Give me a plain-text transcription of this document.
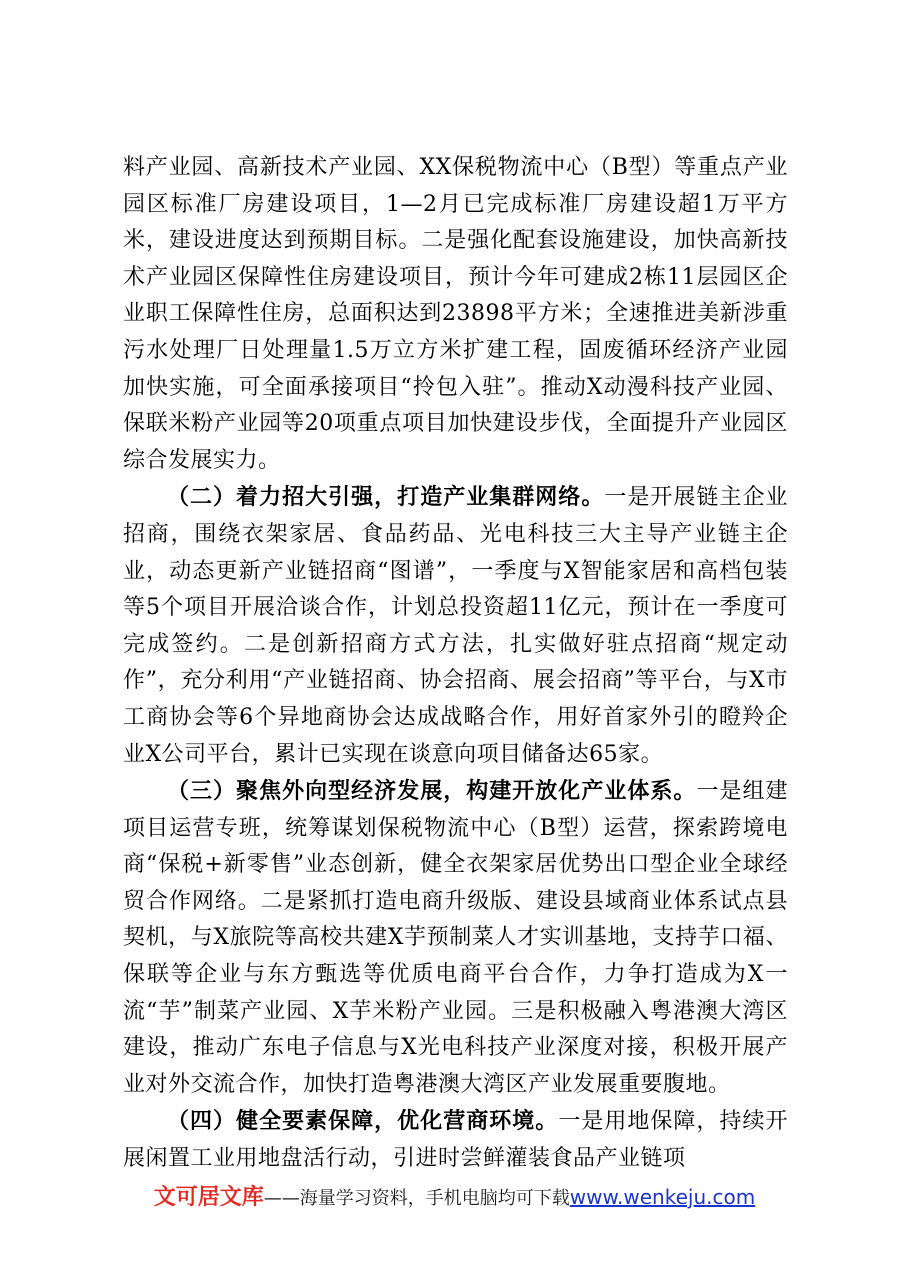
料产业园、高新技术产业园、XX保税物流中心（B型）等重点产业园区标准厂房建设项目，1—2月已完成标准厂房建设超1万平方米，建设进度达到预期目标。二是强化配套设施建设，加快高新技术产业园区保障性住房建设项目，预计今年可建成2栋11层园区企业职工保障性住房，总面积达到23898平方米；全速推进美新涉重污水处理厂日处理量1.5万立方米扩建工程，固废循环经济产业园加快实施，可全面承接项目“拎包入驻”。推动X动漫科技产业园、保联米粉产业园等20项重点项目加快建设步伐，全面提升产业园区综合发展实力。

（二）着力招大引强，打造产业集群网络。一是开展链主企业招商，围绕衣架家居、食品药品、光电科技三大主导产业链主企业，动态更新产业链招商“图谱”，一季度与X智能家居和高档包装等5个项目开展洽谈合作，计划总投资超11亿元，预计在一季度可完成签约。二是创新招商方式方法，扎实做好驻点招商“规定动作”，充分利用“产业链招商、协会招商、展会招商”等平台，与X市工商协会等6个异地商协会达成战略合作，用好首家外引的瞪羚企业X公司平台，累计已实现在谈意向项目储备达65家。

（三）聚焦外向型经济发展，构建开放化产业体系。一是组建项目运营专班，统筹谋划保税物流中心（B型）运营，探索跨境电商“保税+新零售”业态创新，健全衣架家居优势出口型企业全球经贸合作网络。二是紧抓打造电商升级版、建设县域商业体系试点县契机，与X旅院等高校共建X芋预制菜人才实训基地，支持芋口福、保联等企业与东方甄选等优质电商平台合作，力争打造成为X一流“芋”制菜产业园、X芋米粉产业园。三是积极融入粤港澳大湾区建设，推动广东电子信息与X光电科技产业深度对接，积极开展产业对外交流合作，加快打造粤港澳大湾区产业发展重要腹地。

（四）健全要素保障，优化营商环境。一是用地保障，持续开展闲置工业用地盘活行动，引进时尝鲜灌装食品产业链项

文可居文库——海量学习资料，手机电脑均可下载www.wenkeju.com
